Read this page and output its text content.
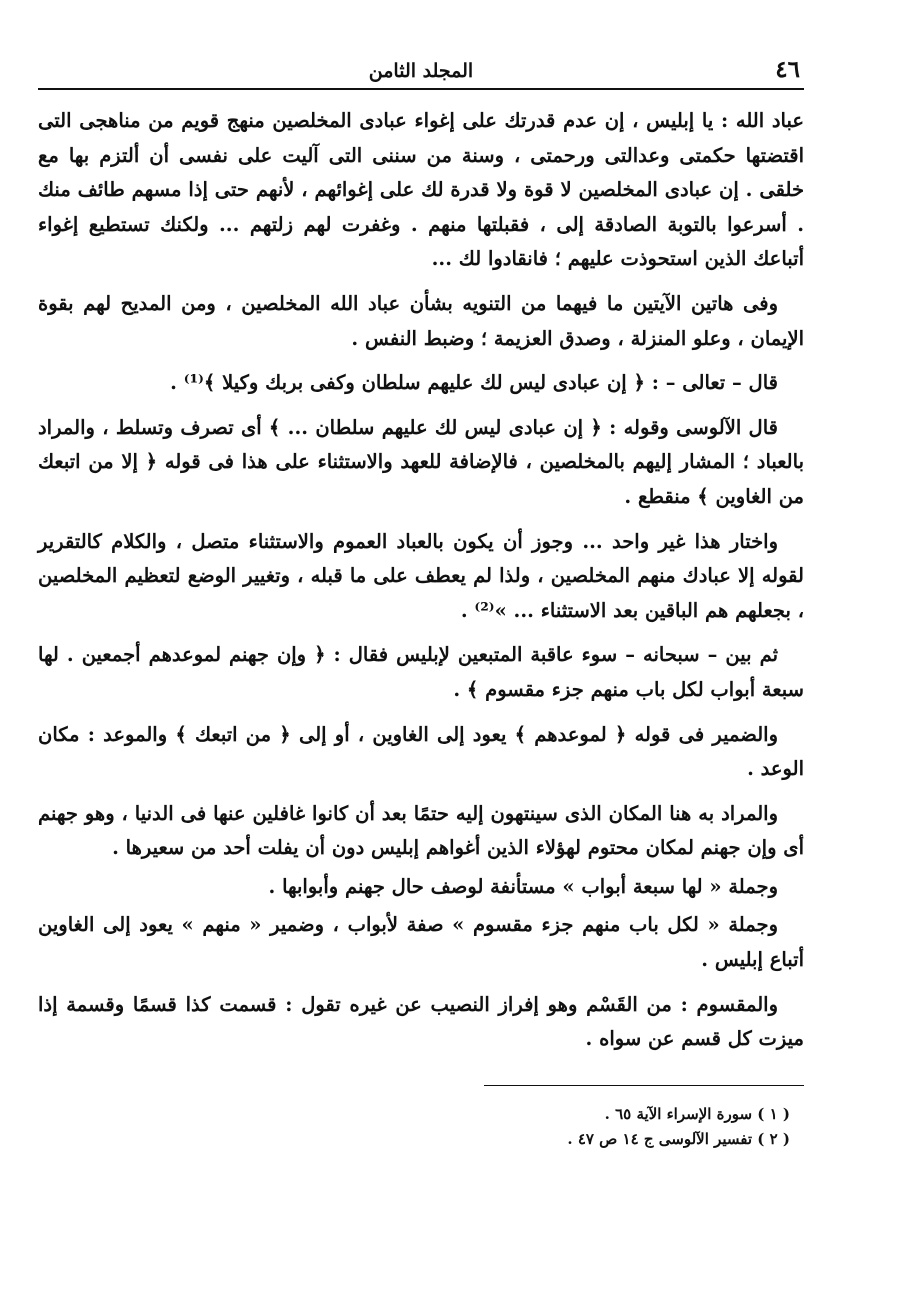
٤٦
المجلد الثامن

عباد الله : يا إبليس ، إن عدم قدرتك على إغواء عبادى المخلصين منهج قويم من مناهجى التى اقتضتها حكمتى وعدالتى ورحمتى ، وسنة من سننى التى آليت على نفسى أن ألتزم بها مع خلقى . إن عبادى المخلصين لا قوة ولا قدرة لك على إغوائهم ، لأنهم حتى إذا مسهم طائف منك . أسرعوا بالتوبة الصادقة إلى ، فقبلتها منهم . وغفرت لهم زلتهم ... ولكنك تستطيع إغواء أتباعك الذين استحوذت عليهم ؛ فانقادوا لك ...

وفى هاتين الآيتين ما فيهما من التنويه بشأن عباد الله المخلصين ، ومن المديح لهم بقوة الإيمان ، وعلو المنزلة ، وصدق العزيمة ؛ وضبط النفس .

قال – تعالى – : ﴿ إن عبادى ليس لك عليهم سلطان وكفى بربك وكيلا ﴾⁽¹⁾ .

قال الآلوسى وقوله : ﴿ إن عبادى ليس لك عليهم سلطان ... ﴾ أى تصرف وتسلط ، والمراد بالعباد ؛ المشار إليهم بالمخلصين ، فالإضافة للعهد والاستثناء على هذا فى قوله ﴿ إلا من اتبعك من الغاوين ﴾ منقطع .

واختار هذا غير واحد ... وجوز أن يكون بالعباد العموم والاستثناء متصل ، والكلام كالتقرير لقوله إلا عبادك منهم المخلصين ، ولذا لم يعطف على ما قبله ، وتغيير الوضع لتعظيم المخلصين ، بجعلهم هم الباقين بعد الاستثناء ... »⁽²⁾ .

ثم بين – سبحانه – سوء عاقبة المتبعين لإبليس فقال : ﴿ وإن جهنم لموعدهم أجمعين . لها سبعة أبواب لكل باب منهم جزء مقسوم ﴾ .

والضمير فى قوله ﴿ لموعدهم ﴾ يعود إلى الغاوين ، أو إلى ﴿ من اتبعك ﴾ والموعد : مكان الوعد .

والمراد به هنا المكان الذى سينتهون إليه حتمًا بعد أن كانوا غافلين عنها فى الدنيا ، وهو جهنم أى وإن جهنم لمكان محتوم لهؤلاء الذين أغواهم إبليس دون أن يفلت أحد من سعيرها .

وجملة « لها سبعة أبواب » مستأنفة لوصف حال جهنم وأبوابها .

وجملة « لكل باب منهم جزء مقسوم » صفة لأبواب ، وضمير « منهم » يعود إلى الغاوين أتباع إبليس .

والمقسوم : من القَسْم وهو إفراز النصيب عن غيره تقول : قسمت كذا قسمًا وقسمة إذا ميزت كل قسم عن سواه .

( ١ ) سورة الإسراء الآية ٦٥ .
( ٢ ) تفسير الآلوسى ج ١٤ ص ٤٧ .
